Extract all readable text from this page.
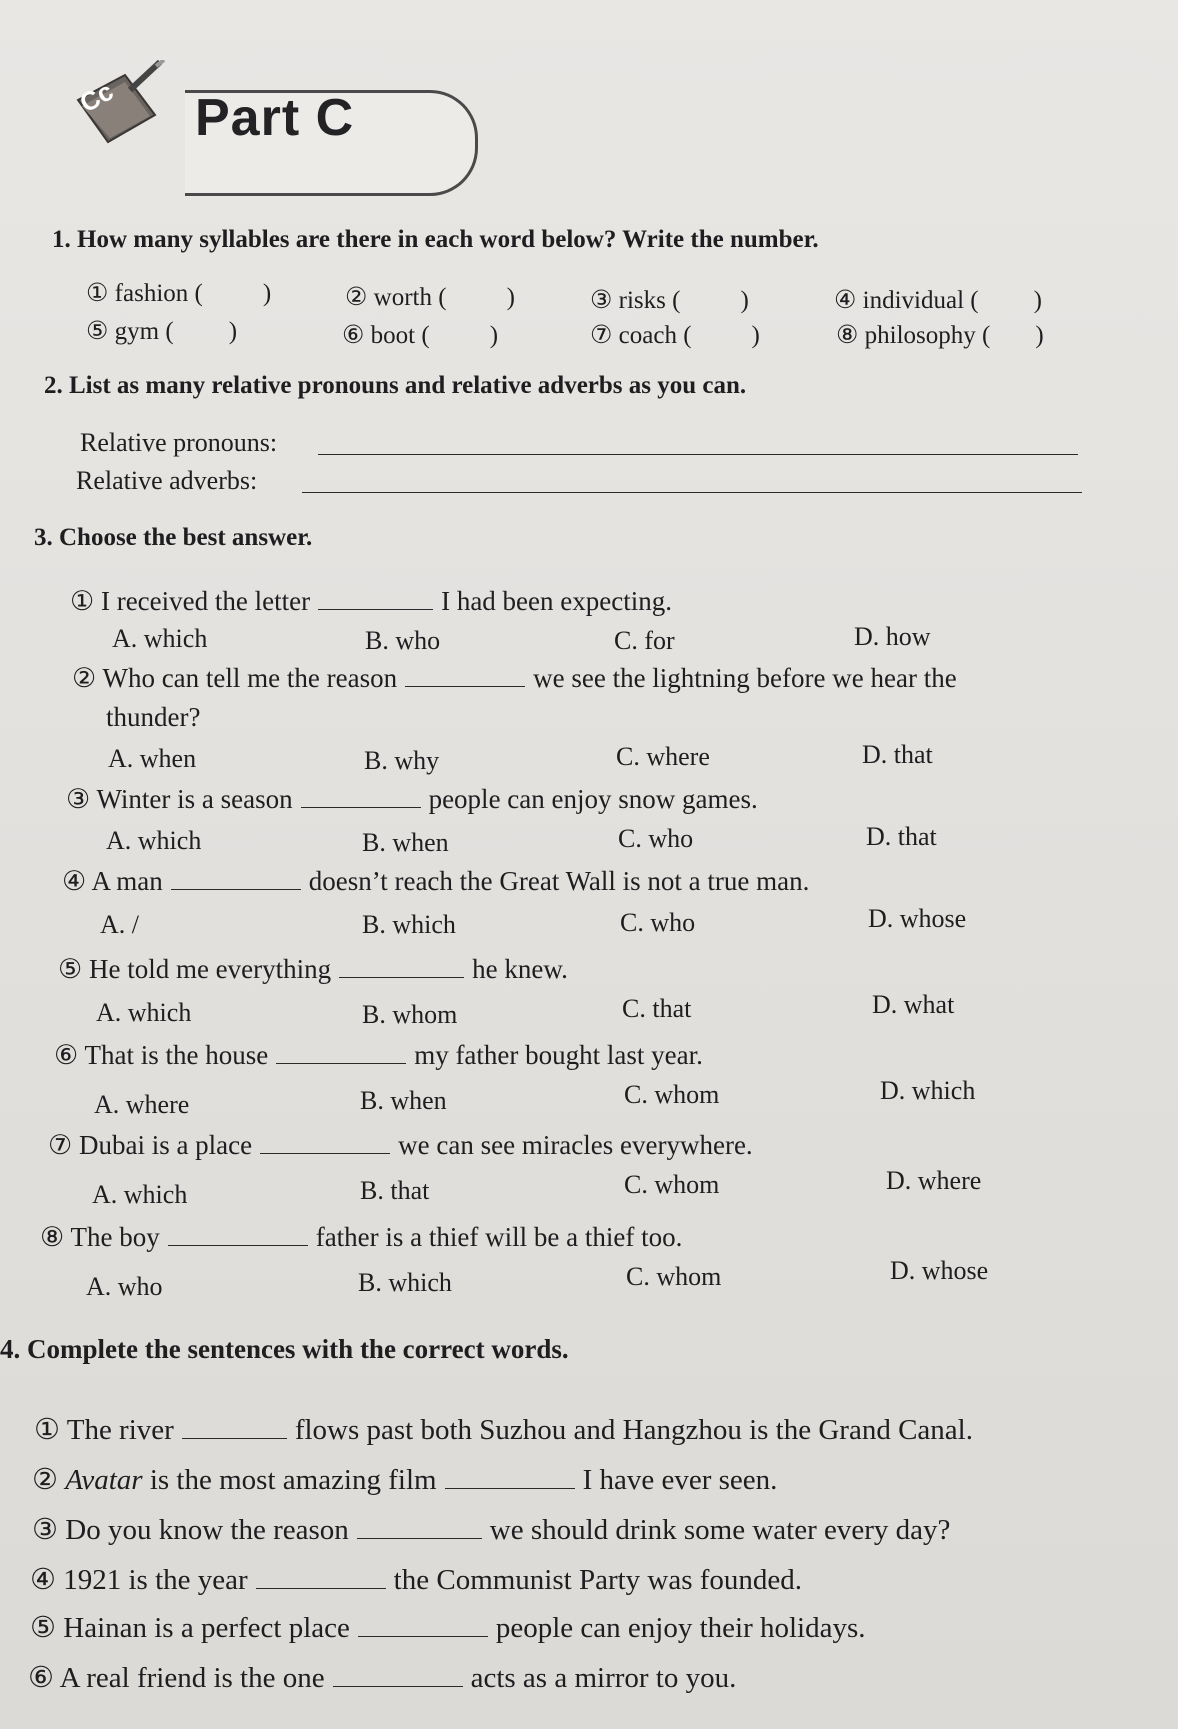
Cc Part C
1. How many syllables are there in each word below? Write the number.
① fashion ( )	② worth ( )	③ risks ( )	④ individual ( )
⑤ gym ( )	⑥ boot ( )	⑦ coach ( )	⑧ philosophy ( )
2. List as many relative pronouns and relative adverbs as you can.
Relative pronouns:
Relative adverbs:
3. Choose the best answer.
① I received the letter	I had been expecting.
A. which	B. who	C. for	D. how
② Who can tell me the reason	we see the lightning before we hear the
thunder?
A. when	B. why	C. where	D. that
③ Winter is a season	people can enjoy snow games.
A. which	B. when	C. who	D. that
④ A man	doesn’t reach the Great Wall is not a true man.
A. /	B. which	C. who	D. whose
⑤ He told me everything	he knew.
A. which	B. whom	C. that	D. what
⑥ That is the house	my father bought last year.
A. where	B. when	C. whom	D. which
⑦ Dubai is a place	we can see miracles everywhere.
A. which	B. that	C. whom	D. where
⑧ The boy	father is a thief will be a thief too.
A. who	B. which	C. whom	D. whose
4. Complete the sentences with the correct words.
① The river	flows past both Suzhou and Hangzhou is the Grand Canal.
② Avatar is the most amazing film	I have ever seen.
③ Do you know the reason	we should drink some water every day?
④ 1921 is the year	the Communist Party was founded.
⑤ Hainan is a perfect place	people can enjoy their holidays.
⑥ A real friend is the one	acts as a mirror to you.
